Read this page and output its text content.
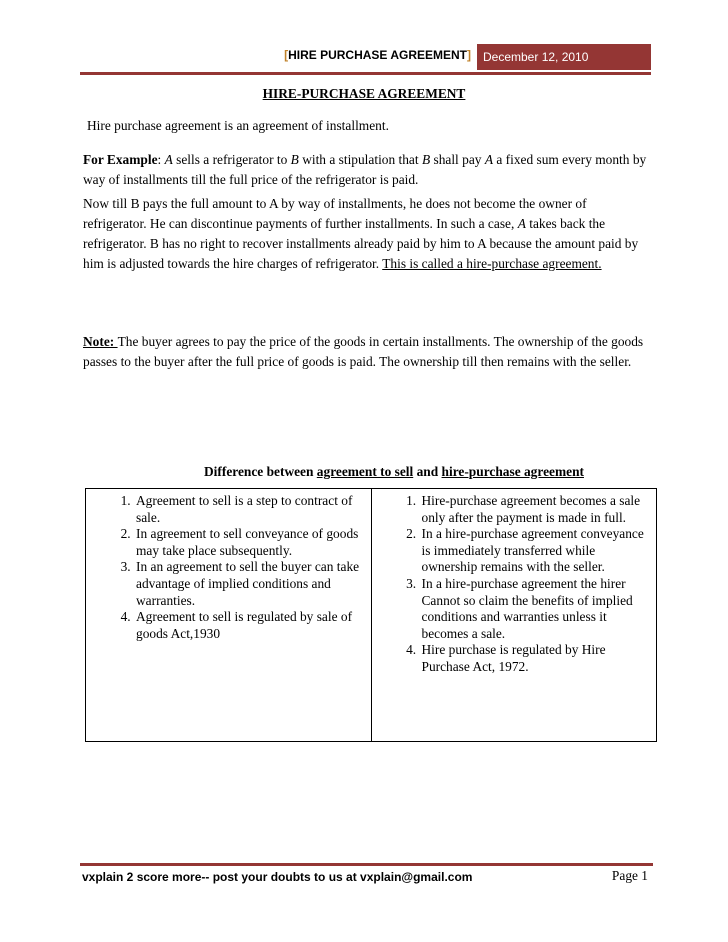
[HIRE PURCHASE AGREEMENT]	December 12, 2010
HIRE-PURCHASE AGREEMENT

Hire purchase agreement is an agreement of installment.

For Example: A sells a refrigerator to B with a stipulation that B shall pay A a fixed sum every month by way of installments till the full price of the refrigerator is paid.

Now till B pays the full amount to A by way of installments, he does not become the owner of refrigerator. He can discontinue payments of further installments. In such a case, A takes back the refrigerator. B has no right to recover installments already paid by him to A because the amount paid by him is adjusted towards the hire charges of refrigerator. This is called a hire-purchase agreement.

Note: The buyer agrees to pay the price of the goods in certain installments. The ownership of the goods passes to the buyer after the full price of goods is paid. The ownership till then remains with the seller.

Difference between agreement to sell and hire-purchase agreement
1. Agreement to sell is a step to contract of sale.
2. In agreement to sell conveyance of goods may take place subsequently.
3. In an agreement to sell the buyer can take advantage of implied conditions and warranties.
4. Agreement to sell is regulated by sale of goods Act,1930

1. Hire-purchase agreement becomes a sale only after the payment is made in full.
2. In a hire-purchase agreement conveyance is immediately transferred while ownership remains with the seller.
3. In a hire-purchase agreement the hirer Cannot so claim the benefits of implied conditions and warranties unless it becomes a sale.
4. Hire purchase is regulated by Hire Purchase Act, 1972.
vxplain 2 score more-- post your doubts to us at vxplain@gmail.com	Page 1
